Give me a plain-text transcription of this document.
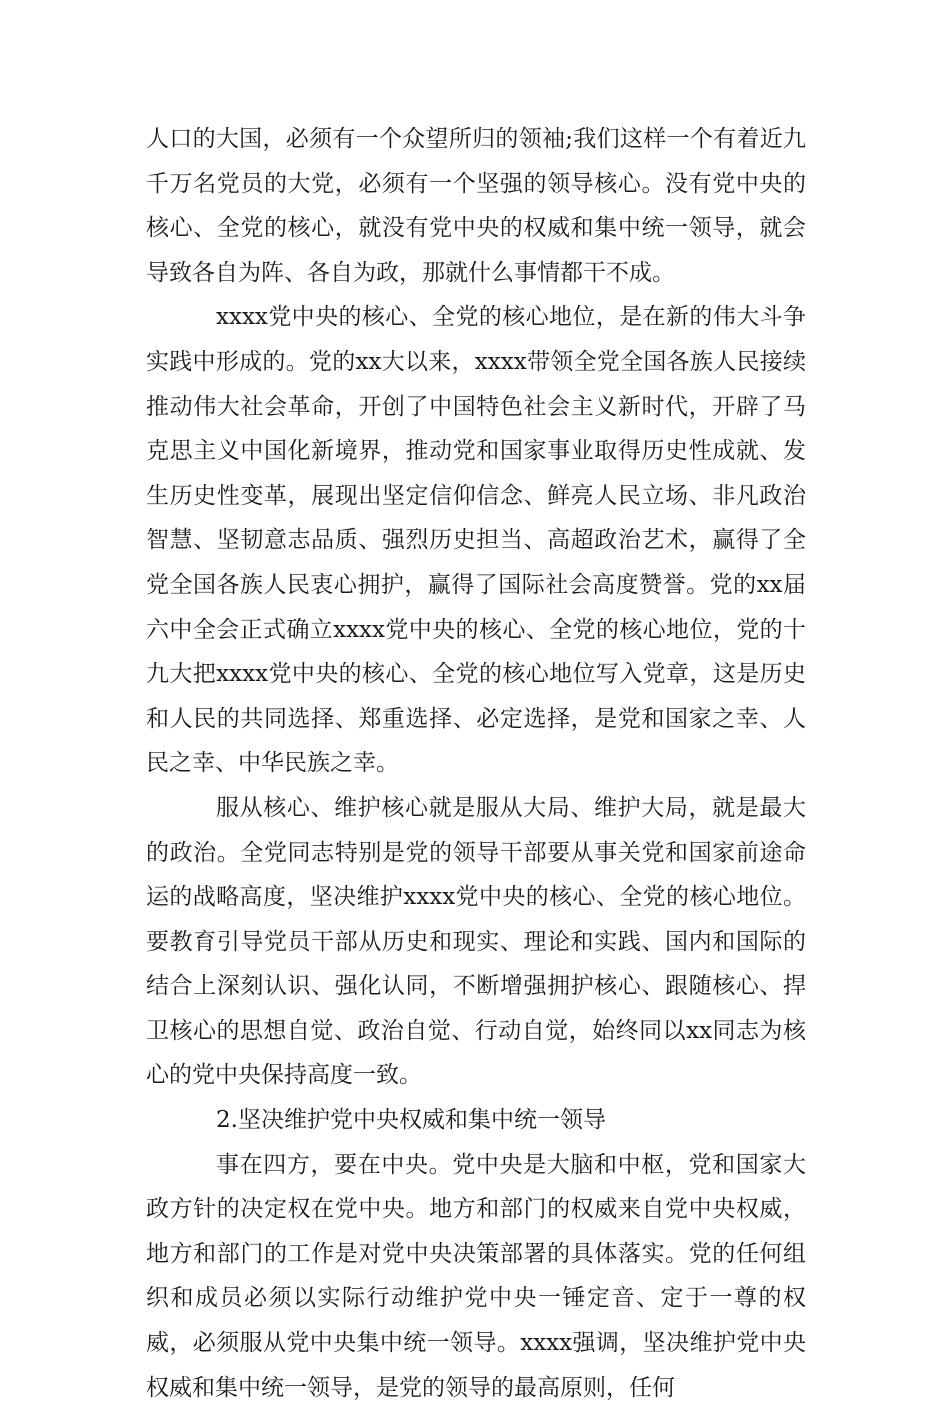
人口的大国，必须有一个众望所归的领袖;我们这样一个有着近九千万名党员的大党，必须有一个坚强的领导核心。没有党中央的核心、全党的核心，就没有党中央的权威和集中统一领导，就会导致各自为阵、各自为政，那就什么事情都干不成。

xxxx党中央的核心、全党的核心地位，是在新的伟大斗争实践中形成的。党的xx大以来，xxxx带领全党全国各族人民接续推动伟大社会革命，开创了中国特色社会主义新时代，开辟了马克思主义中国化新境界，推动党和国家事业取得历史性成就、发生历史性变革，展现出坚定信仰信念、鲜亮人民立场、非凡政治智慧、坚韧意志品质、强烈历史担当、高超政治艺术，赢得了全党全国各族人民衷心拥护，赢得了国际社会高度赞誉。党的xx届六中全会正式确立xxxx党中央的核心、全党的核心地位，党的十九大把xxxx党中央的核心、全党的核心地位写入党章，这是历史和人民的共同选择、郑重选择、必定选择，是党和国家之幸、人民之幸、中华民族之幸。

服从核心、维护核心就是服从大局、维护大局，就是最大的政治。全党同志特别是党的领导干部要从事关党和国家前途命运的战略高度，坚决维护xxxx党中央的核心、全党的核心地位。要教育引导党员干部从历史和现实、理论和实践、国内和国际的结合上深刻认识、强化认同，不断增强拥护核心、跟随核心、捍卫核心的思想自觉、政治自觉、行动自觉，始终同以xx同志为核心的党中央保持高度一致。

2.坚决维护党中央权威和集中统一领导

事在四方，要在中央。党中央是大脑和中枢，党和国家大政方针的决定权在党中央。地方和部门的权威来自党中央权威，地方和部门的工作是对党中央决策部署的具体落实。党的任何组织和成员必须以实际行动维护党中央一锤定音、定于一尊的权威，必须服从党中央集中统一领导。xxxx强调，坚决维护党中央权威和集中统一领导，是党的领导的最高原则，任何
